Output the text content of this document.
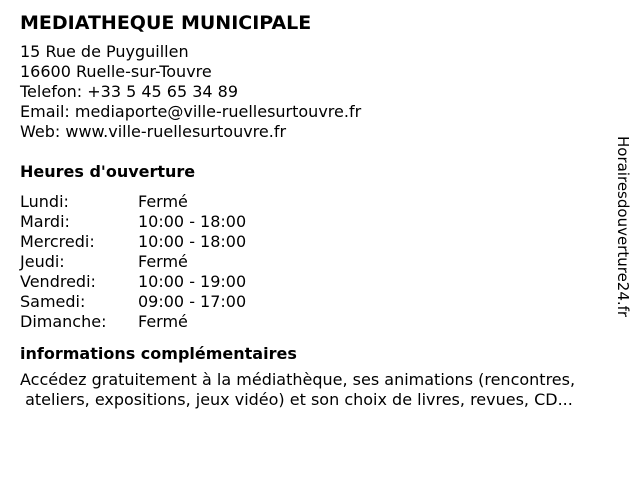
MEDIATHEQUE MUNICIPALE
15 Rue de Puyguillen
16600 Ruelle-sur-Touvre
Telefon: +33 5 45 65 34 89
Email: mediaporte@ville-ruellesurtouvre.fr
Web: www.ville-ruellesurtouvre.fr
Heures d'ouverture
Lundi:	Fermé
Mardi:	10:00 - 18:00
Mercredi:	10:00 - 18:00
Jeudi:	Fermé
Vendredi:	10:00 - 19:00
Samedi:	09:00 - 17:00
Dimanche: Fermé
informations complémentaires
Accédez gratuitement à la médiathèque, ses animations (rencontres,
ateliers, expositions, jeux vidéo) et son choix de livres, revues, CD...
Horairesdouverture24.fr
